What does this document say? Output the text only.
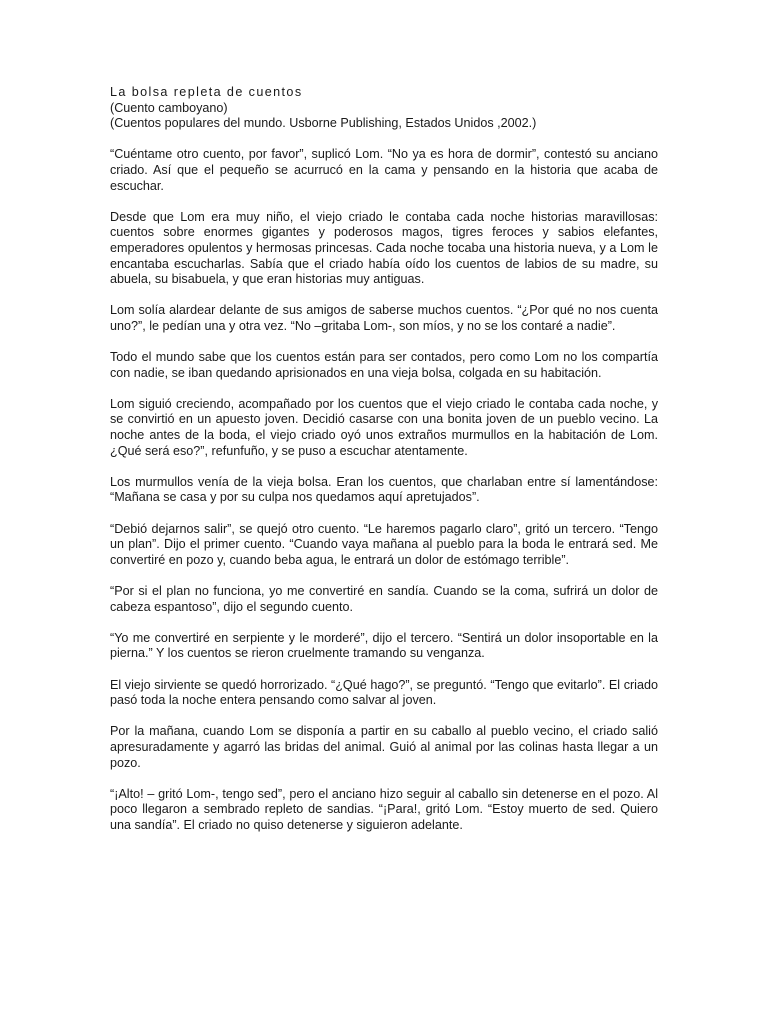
La bolsa repleta de cuentos

(Cuento camboyano)

(Cuentos populares del mundo. Usborne Publishing, Estados Unidos ,2002.)

“Cuéntame otro cuento, por favor”, suplicó Lom. “No ya es hora de dormir”, contestó su anciano criado. Así que el pequeño se acurrucó en la cama y pensando en la historia que acaba de escuchar.

Desde que Lom era muy niño, el viejo criado le contaba cada noche historias maravillosas: cuentos sobre enormes gigantes y poderosos magos, tigres feroces y sabios elefantes, emperadores opulentos y hermosas princesas. Cada noche tocaba una historia nueva, y a Lom le encantaba escucharlas. Sabía que el criado había oído los cuentos de labios de su madre, su abuela, su bisabuela, y que eran historias muy antiguas.

Lom solía alardear delante de sus amigos de saberse muchos cuentos. “¿Por qué no nos cuenta uno?”, le pedían una y otra vez. “No –gritaba Lom-, son míos, y no se los contaré a nadie”.

Todo el mundo sabe que los cuentos están para ser contados, pero como Lom no los compartía con nadie, se iban quedando aprisionados en una vieja bolsa, colgada en su habitación.

Lom siguió creciendo, acompañado por los cuentos que el viejo criado le contaba cada noche, y se convirtió en un apuesto joven. Decidió casarse con una bonita joven de un pueblo vecino. La noche antes de la boda, el viejo criado oyó unos extraños murmullos en la habitación de Lom. ¿Qué será eso?”, refunfuño, y se puso a escuchar atentamente.

Los murmullos venía de la vieja bolsa. Eran los cuentos, que charlaban entre sí lamentándose: “Mañana se casa y por su culpa nos quedamos aquí apretujados”.

“Debió dejarnos salir”, se quejó otro cuento. “Le haremos pagarlo claro”, gritó un tercero. “Tengo un plan”. Dijo el primer cuento. “Cuando vaya mañana al pueblo para la boda le entrará sed. Me convertiré en pozo y, cuando beba agua, le entrará un dolor de estómago terrible”.

“Por si el plan no funciona, yo me convertiré en sandía. Cuando se la coma, sufrirá un dolor de cabeza espantoso”, dijo el segundo cuento.

“Yo me convertiré en serpiente y le morderé”, dijo el tercero. “Sentirá un dolor insoportable en la pierna.” Y los cuentos se rieron cruelmente tramando su venganza.

El viejo sirviente se quedó horrorizado. “¿Qué hago?”, se preguntó. “Tengo que evitarlo”. El criado pasó toda la noche entera pensando como salvar al joven.

Por la mañana, cuando Lom se disponía a partir en su caballo al pueblo vecino, el criado salió apresuradamente y agarró las bridas del animal. Guió al animal por las colinas hasta llegar a un pozo.

“¡Alto! – gritó Lom-, tengo sed”, pero el anciano hizo seguir al caballo sin detenerse en el pozo. Al poco llegaron a sembrado repleto de sandias. “¡Para!, gritó Lom. “Estoy muerto de sed. Quiero una sandía”. El criado no quiso detenerse y siguieron adelante.
